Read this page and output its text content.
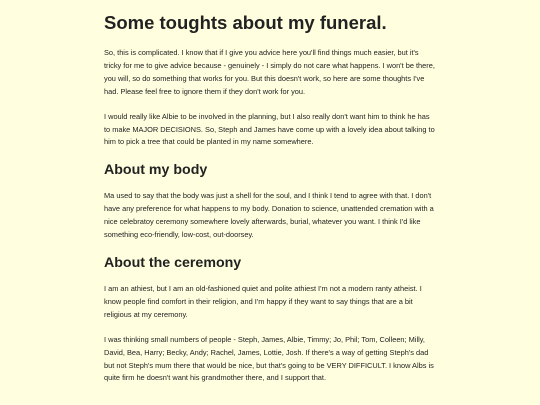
Some toughts about my funeral.

So, this is complicated. I know that if I give you advice here you'll find things much easier, but it's tricky for me to give advice because - genuinely - I simply do not care what happens. I won't be there, you will, so do something that works for you. But this doesn't work, so here are some thoughts I've had. Please feel free to ignore them if they don't work for you.

I would really like Albie to be involved in the planning, but I also really don't want him to think he has to make MAJOR DECISIONS. So, Steph and James have come up with a lovely idea about talking to him to pick a tree that could be planted in my name somewhere.

About my body

Ma used to say that the body was just a shell for the soul, and I think I tend to agree with that. I don't have any preference for what happens to my body. Donation to science, unattended cremation with a nice celebratoy ceremony somewhere lovely afterwards, burial, whatever you want. I think I'd like something eco-friendly, low-cost, out-doorsey.

About the ceremony

I am an athiest, but I am an old-fashioned quiet and polite athiest I'm not a modern ranty atheist. I know people find comfort in their religion, and I'm happy if they want to say things that are a bit religious at my ceremony.

I was thinking small numbers of people - Steph, James, Albie, Timmy; Jo, Phil; Tom, Colleen; Milly, David, Bea, Harry; Becky, Andy; Rachel, James, Lottie, Josh. If there's a way of getting Steph's dad but not Steph's mum there that would be nice, but that's going to be VERY DIFFICULT. I know Albs is quite firm he doesn't want his grandmother there, and I support that.
